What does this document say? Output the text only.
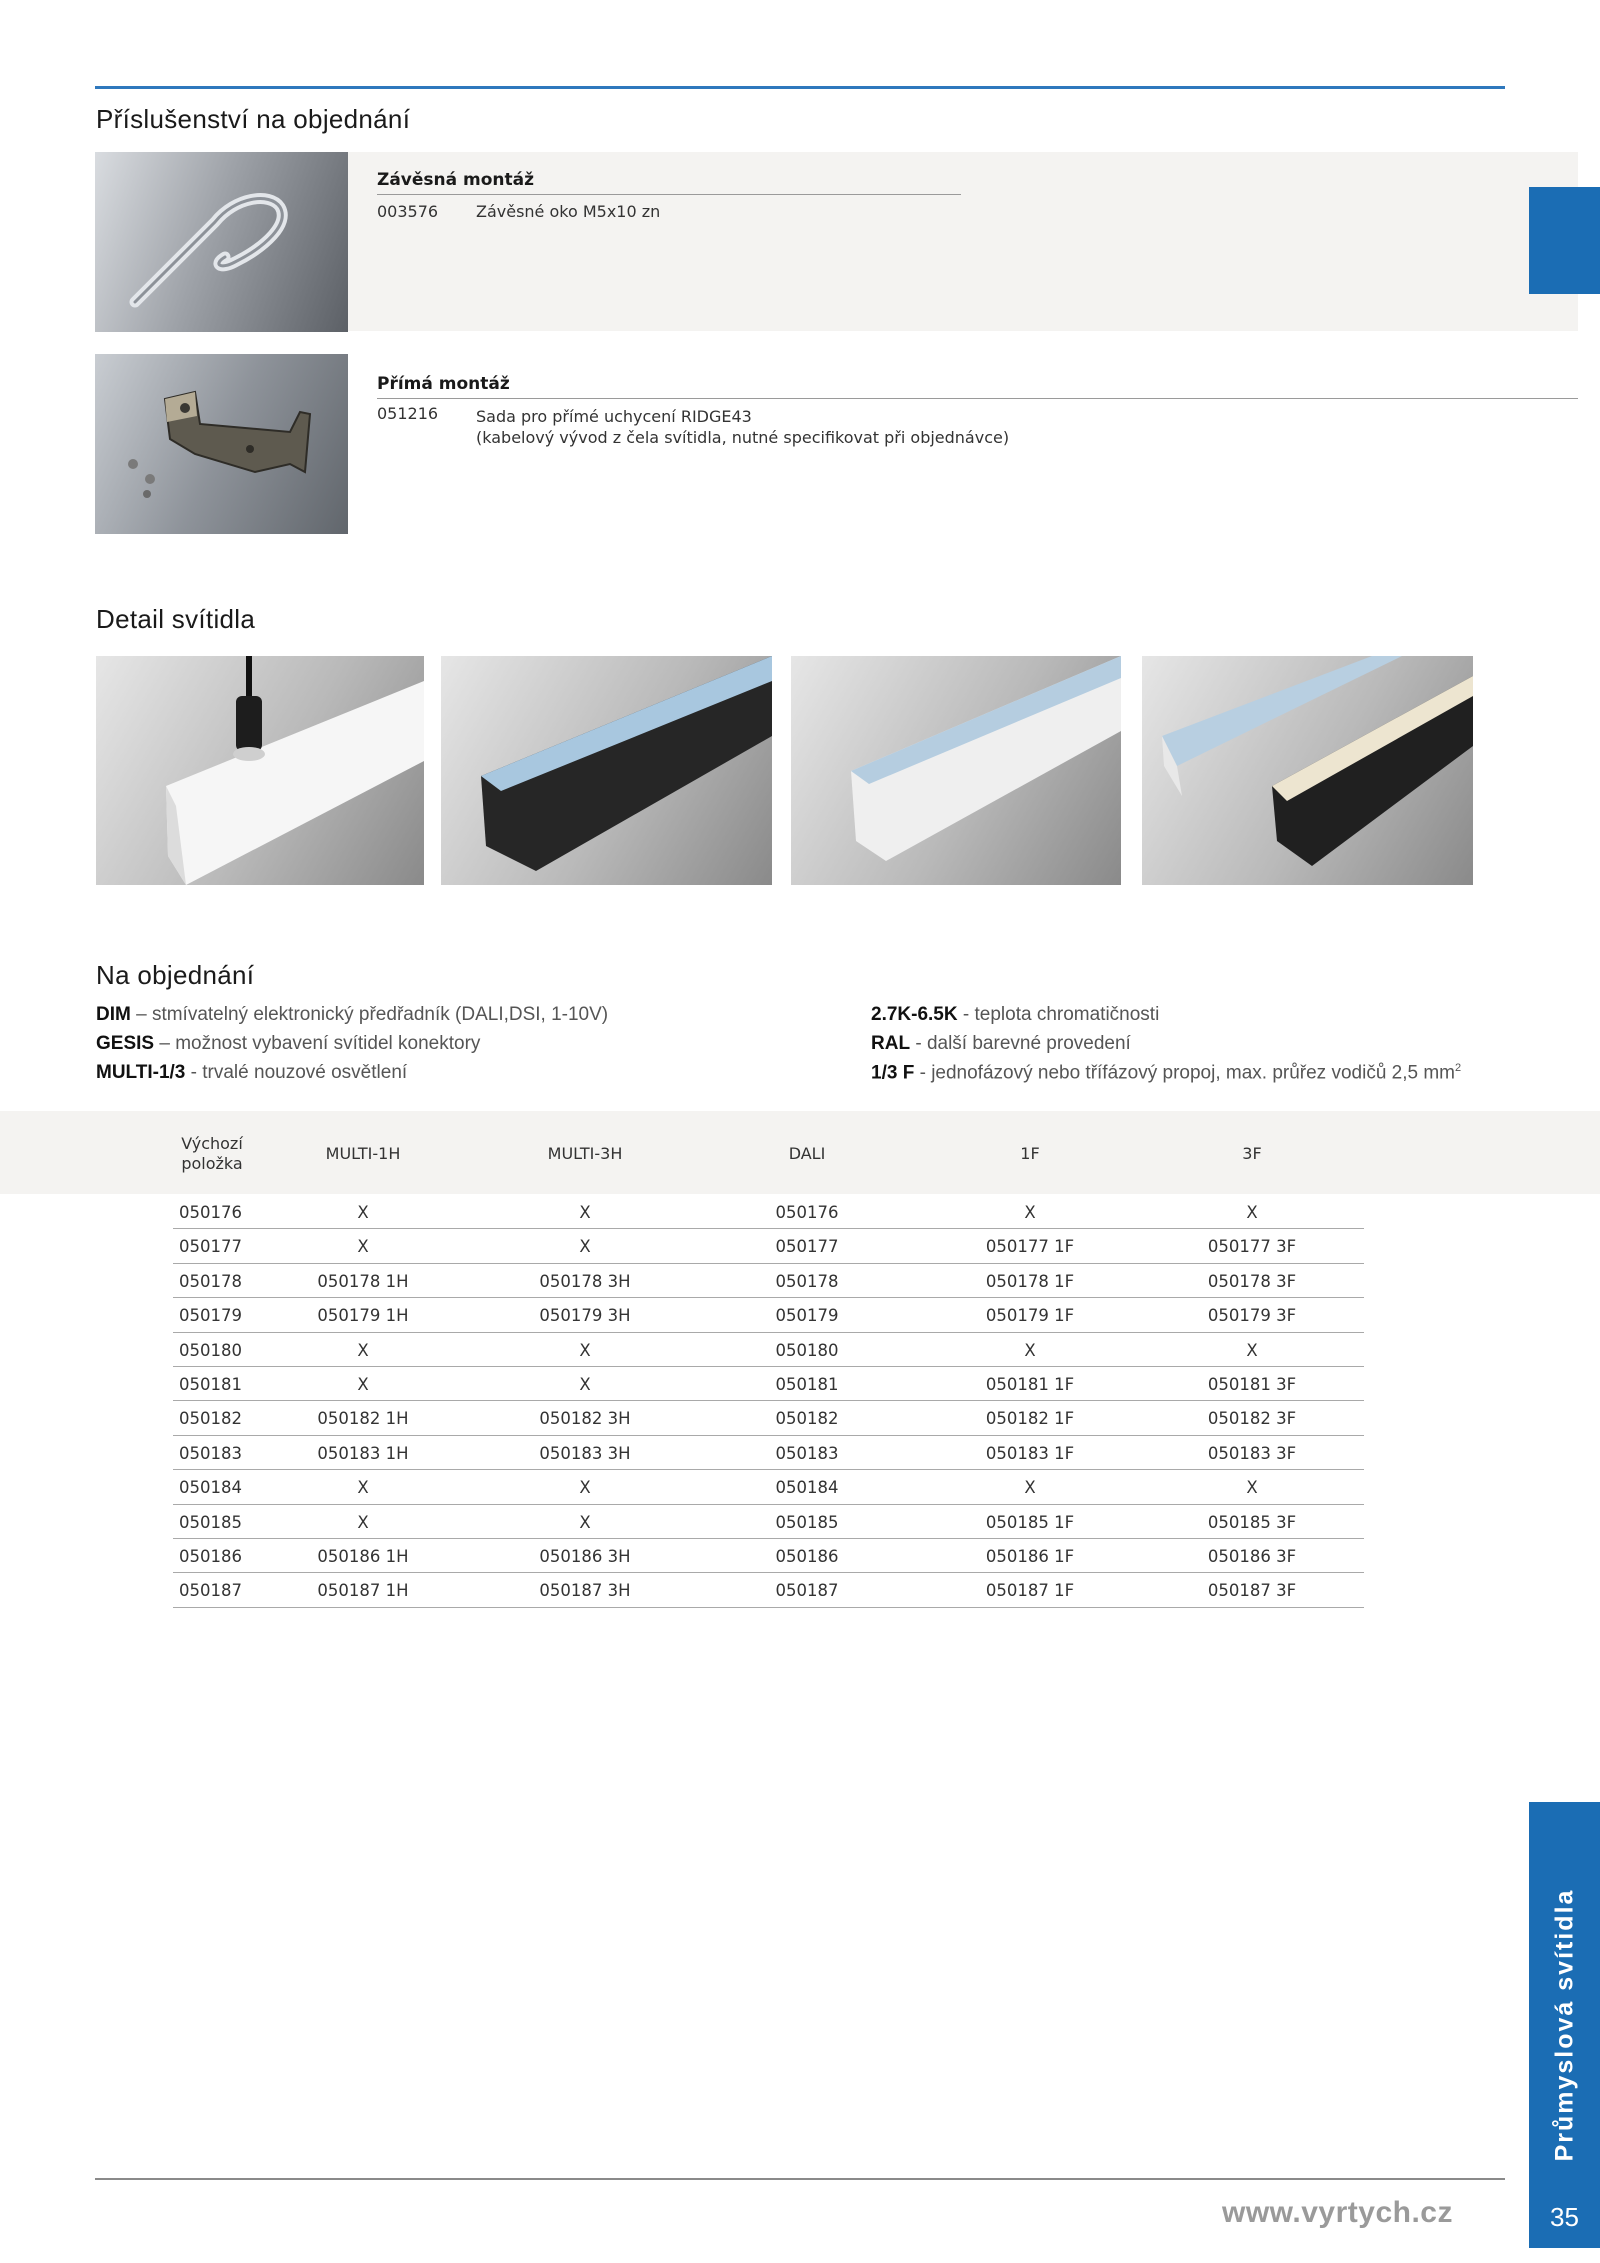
Příslušenství na objednání
Závěsná montáž
003576 Závěsné oko M5x10 zn
Přímá montáž
051216 Sada pro přímé uchycení RIDGE43
(kabelový vývod z čela svítidla, nutné specifikovat při objednávce)
Detail svítidla
Na objednání
DIM – stmívatelný elektronický předřadník (DALI,DSI, 1-10V)
GESIS – možnost vybavení svítidel konektory
MULTI-1/3 - trvalé nouzové osvětlení
2.7K-6.5K - teplota chromatičnosti
RAL - další barevné provedení
1/3 F - jednofázový nebo třífázový propoj, max. průřez vodičů 2,5 $mm^2$
Výchozí
položka
MULTI-1H	MULTI-3H	DALI	1F	3F
050176	X	X	050176	X	X
050177	X	X	050177	050177 1F	050177 3F
050178	050178 1H	050178 3H	050178	050178 1F	050178 3F
050179	050179 1H	050179 3H	050179	050179 1F	050179 3F
050180	X	X	050180	X	X
050181	X	X	050181	050181 1F	050181 3F
050182	050182 1H	050182 3H	050182	050182 1F	050182 3F
050183	050183 1H	050183 3H	050183	050183 1F	050183 3F
050184	X	X	050184	X	X
050185	X	X	050185	050185 1F	050185 3F
050186	050186 1H	050186 3H	050186	050186 1F	050186 3F
050187	050187 1H	050187 3H	050187	050187 1F	050187 3F
www.vyrtych.cz
Průmyslová svítidla
35
